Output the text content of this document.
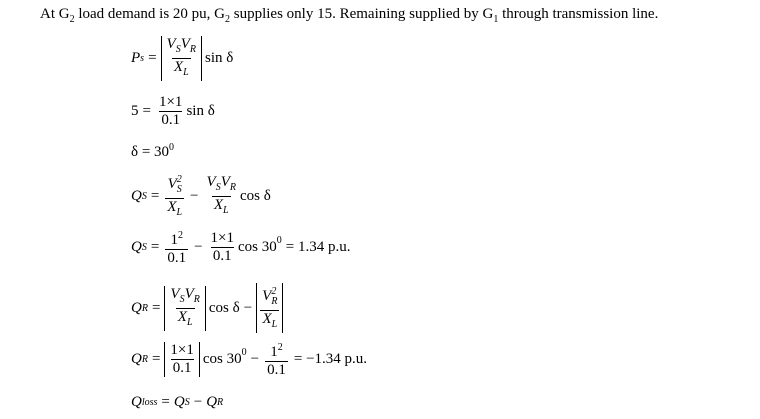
At $G_2$ load demand is 20 pu, $G_2$ supplies only 15. Remaining supplied by $G_1$ through transmission line.
P $s = \frac{V_SV_R}{X_L}$ sin δ
$5 = \frac{1\times 1}{0.1}$ sin δ
$\delta = 30^0$
Q $S = \frac{V^2_S}{X_L} - \frac{V_SV_R}{X_L}$ cos δ
Q $S = \frac{1^2}{0.1} - \frac{1\times 1}{0.1}$ $\cos 30^0 = 1.34$ p.u.
Q $R = \frac{V_SV_R}{X_L}$ $\cos \delta - \frac{V^2_R}{X_L}$
Q $R = \frac{1\times 1}{0.1}$ $\cos 30^0 - \frac{1^2}{0.1} = -1.34$ p.u.
Q loss = Q S − Q R
